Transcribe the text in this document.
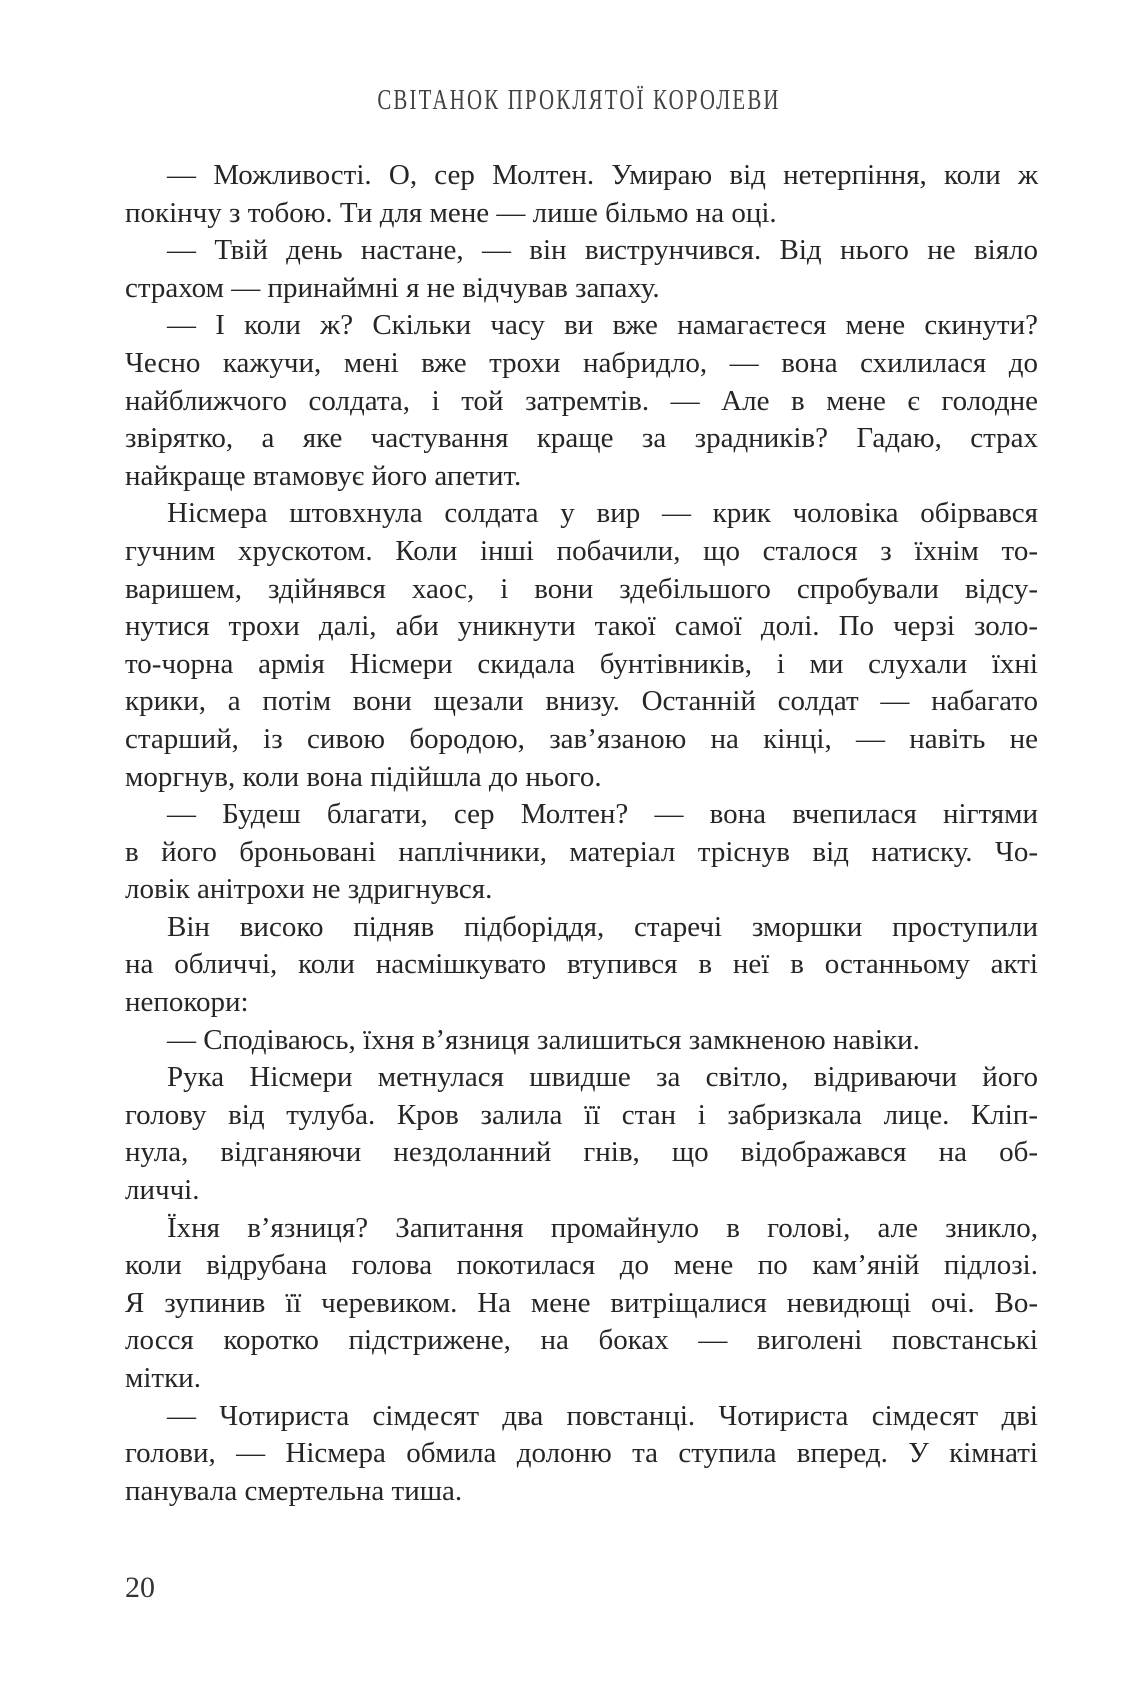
СВІТАНОК ПРОКЛЯТОЇ КОРОЛЕВИ
— Можливості. О, сер Молтен. Умираю від нетерпіння, коли ж
покінчу з тобою. Ти для мене — лише більмо на оці.
— Твій день настане, — він виструнчився. Від нього не віяло
страхом — принаймні я не відчував запаху.
— І коли ж? Скільки часу ви вже намагаєтеся мене скинути?
Чесно кажучи, мені вже трохи набридло, — вона схилилася до
найближчого солдата, і той затремтів. — Але в мене є голодне
звірятко, а яке частування краще за зрадників? Гадаю, страх
найкраще втамовує його апетит.
Нісмера штовхнула солдата у вир — крик чоловіка обірвався
гучним хрускотом. Коли інші побачили, що сталося з їхнім то-
варишем, здійнявся хаос, і вони здебільшого спробували відсу-
нутися трохи далі, аби уникнути такої самої долі. По черзі золо-
то-чорна армія Нісмери скидала бунтівників, і ми слухали їхні
крики, а потім вони щезали внизу. Останній солдат — набагато
старший, із сивою бородою, зав’язаною на кінці, — навіть не
моргнув, коли вона підійшла до нього.
— Будеш благати, сер Молтен? — вона вчепилася нігтями
в його броньовані наплічники, матеріал тріснув від натиску. Чо-
ловік анітрохи не здригнувся.
Він високо підняв підборіддя, старечі зморшки проступили
на обличчі, коли насмішкувато втупився в неї в останньому акті
непокори:
— Сподіваюсь, їхня в’язниця залишиться замкненою навіки.
Рука Нісмери метнулася швидше за світло, відриваючи його
голову від тулуба. Кров залила її стан і забризкала лице. Кліп-
нула, відганяючи нездоланний гнів, що відображався на об-
личчі.
Їхня в’язниця? Запитання промайнуло в голові, але зникло,
коли відрубана голова покотилася до мене по кам’яній підлозі.
Я зупинив її черевиком. На мене витріщалися невидющі очі. Во-
лосся коротко підстрижене, на боках — виголені повстанські
мітки.
— Чотириста сімдесят два повстанці. Чотириста сімдесят дві
голови, — Нісмера обмила долоню та ступила вперед. У кімнаті
панувала смертельна тиша.
20
